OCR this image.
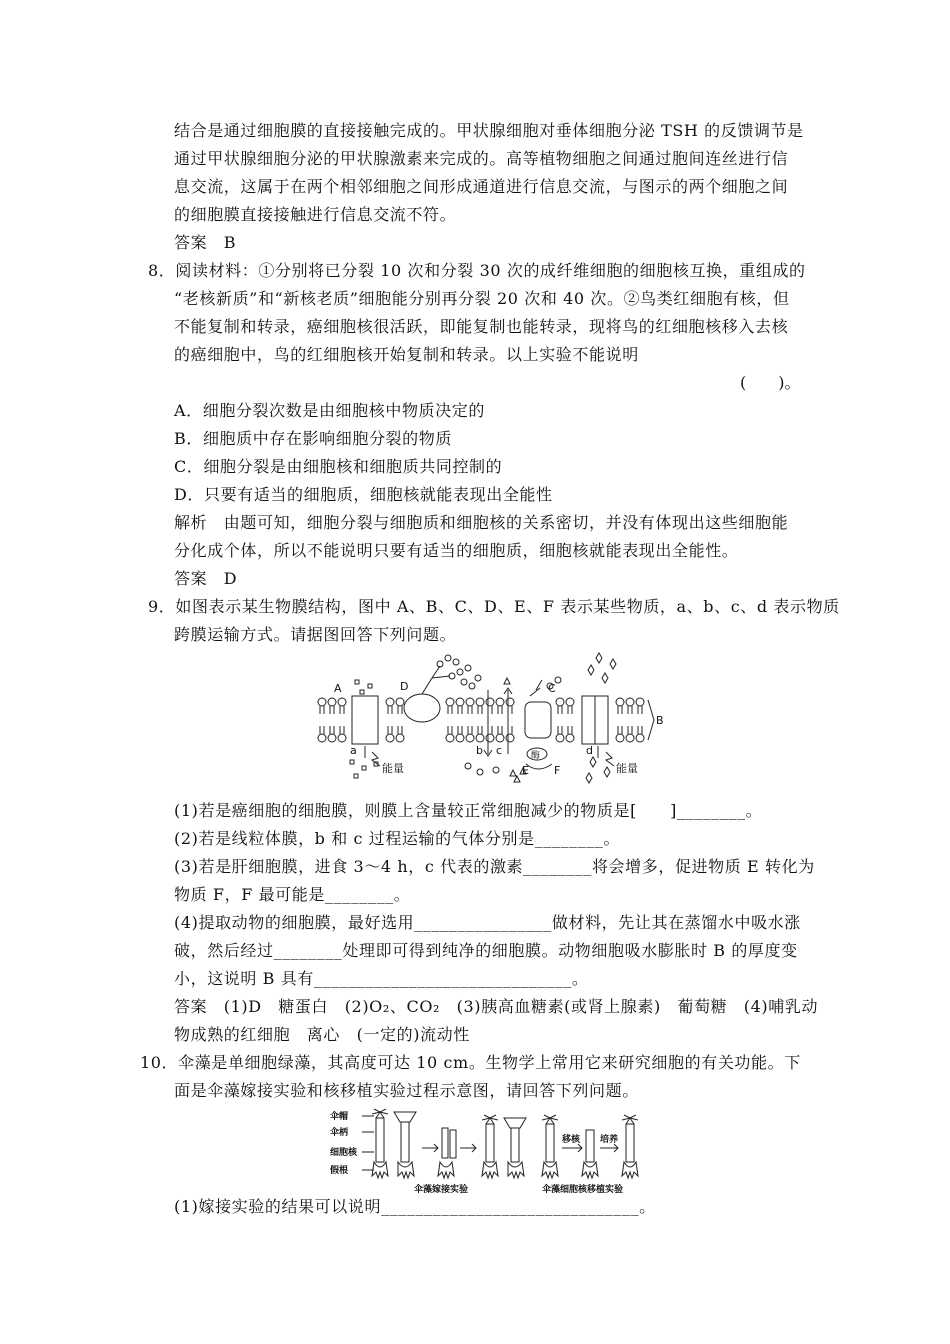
结合是通过细胞膜的直接接触完成的。甲状腺细胞对垂体细胞分泌 TSH 的反馈调节是
通过甲状腺细胞分泌的甲状腺激素来完成的。高等植物细胞之间通过胞间连丝进行信
息交流，这属于在两个相邻细胞之间形成通道进行信息交流，与图示的两个细胞之间
的细胞膜直接接触进行信息交流不符。
答案　B
8．阅读材料：①分别将已分裂 10 次和分裂 30 次的成纤维细胞的细胞核互换，重组成的
“老核新质”和“新核老质”细胞能分别再分裂 20 次和 40 次。②鸟类红细胞有核，但
不能复制和转录，癌细胞核很活跃，即能复制也能转录，现将鸟的红细胞核移入去核
的癌细胞中，鸟的红细胞核开始复制和转录。以上实验不能说明
(　　)。
A．细胞分裂次数是由细胞核中物质决定的
B．细胞质中存在影响细胞分裂的物质
C．细胞分裂是由细胞核和细胞质共同控制的
D．只要有适当的细胞质，细胞核就能表现出全能性
解析　由题可知，细胞分裂与细胞质和细胞核的关系密切，并没有体现出这些细胞能
分化成个体，所以不能说明只要有适当的细胞质，细胞核就能表现出全能性。
答案　D
9．如图表示某生物膜结构，图中 A、B、C、D、E、F 表示某些物质，a、b、c、d 表示物质
跨膜运输方式。请据图回答下列问题。
A
B
C
D
E F
a	b c	d
能量	能量
酶
(1)若是癌细胞的细胞膜，则膜上含量较正常细胞减少的物质是[　　]________。
(2)若是线粒体膜，b 和 c 过程运输的气体分别是________。
(3)若是肝细胞膜，进食 3～4 h，c 代表的激素________将会增多，促进物质 E 转化为
物质 F，F 最可能是________。
(4)提取动物的细胞膜，最好选用________________做材料，先让其在蒸馏水中吸水涨
破，然后经过________处理即可得到纯净的细胞膜。动物细胞吸水膨胀时 B 的厚度变
小，这说明 B 具有______________________________。
答案　(1)D　糖蛋白　(2)O₂、CO₂　(3)胰高血糖素(或肾上腺素)　葡萄糖　(4)哺乳动
物成熟的红细胞　离心　(一定的)流动性
10．伞藻是单细胞绿藻，其高度可达 10 cm。生物学上常用它来研究细胞的有关功能。下
面是伞藻嫁接实验和核移植实验过程示意图，请回答下列问题。
伞帽
伞柄
细胞核
假根
伞藻嫁接实验
移核 培养
伞藻细胞核移植实验
(1)嫁接实验的结果可以说明______________________________。
